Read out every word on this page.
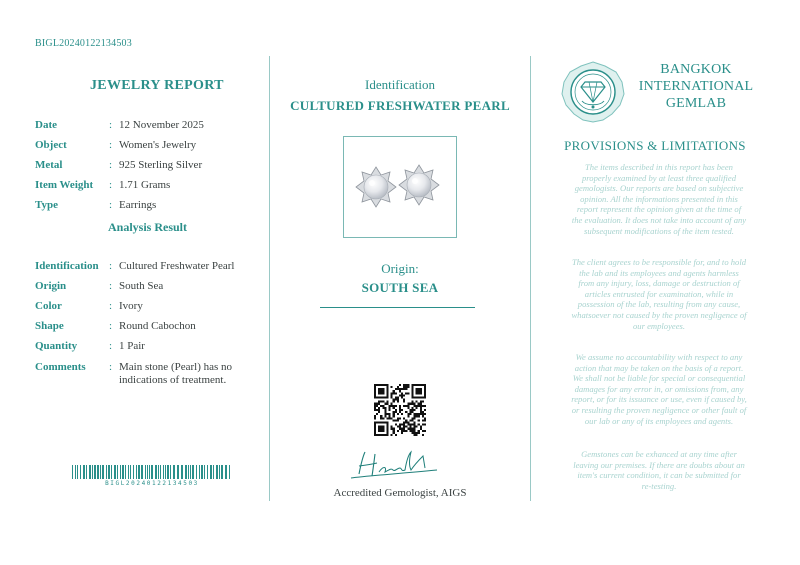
BIGL20240122134503
JEWELRY REPORT
Date	: 12 November 2025
Object	: Women's Jewelry
Metal	: 925 Sterling Silver
Item Weight : 1.71 Grams
Type	: Earrings
Analysis Result
Identification : Cultured Freshwater Pearl
Origin	: South Sea
Color	: Ivory
Shape	: Round Cabochon
Quantity	: 1 Pair
Comments : Main stone (Pearl) has no
indications of treatment.
BIGL20240122134503
Identification
CULTURED FRESHWATER PEARL
Origin:
SOUTH SEA
Accredited Gemologist, AIGS
BANGKOK
INTERNATIONAL
GEMLAB
PROVISIONS & LIMITATIONS
The items described in this report has been
properly examined by at least three qualified
gemologists. Our reports are based on subjective
opinion. All the informations presented in this
report represent the opinion given at the time of
the evaluation. It does not take into account of any
subsequent modifications of the item tested.
The client agrees to be responsible for, and to hold
the lab and its employees and agents harmless
from any injury, loss, damage or destruction of
articles entrusted for examination, while in
possession of the lab, resulting from any cause,
whatsoever not caused by the proven negligence of
our employees.
We assume no accountability with respect to any
action that may be taken on the basis of a report.
We shall not be liable for special or consequential
damages for any error in, or omissions from, any
report, or for its issuance or use, even if caused by,
or resulting the proven negligence or other fault of
our lab or any of its employees and agents.
Gemstones can be exhanced at any time after
leaving our premises. If there are doubts about an
item's current condition, it can be submitted for
re-testing.
